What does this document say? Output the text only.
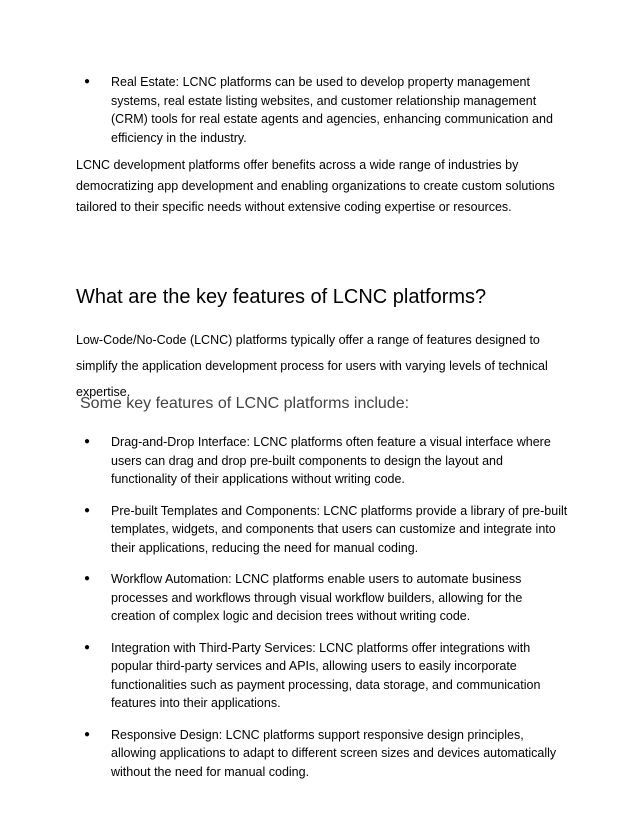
● Real Estate: LCNC platforms can be used to develop property management systems, real estate listing websites, and customer relationship management (CRM) tools for real estate agents and agencies, enhancing communication and efficiency in the industry.

LCNC development platforms offer benefits across a wide range of industries by democratizing app development and enabling organizations to create custom solutions tailored to their specific needs without extensive coding expertise or resources.

What are the key features of LCNC platforms?

Low-Code/No-Code (LCNC) platforms typically offer a range of features designed to simplify the application development process for users with varying levels of technical expertise.

Some key features of LCNC platforms include:
● Drag-and-Drop Interface: LCNC platforms often feature a visual interface where users can drag and drop pre-built components to design the layout and functionality of their applications without writing code.
● Pre-built Templates and Components: LCNC platforms provide a library of pre-built templates, widgets, and components that users can customize and integrate into their applications, reducing the need for manual coding.
● Workflow Automation: LCNC platforms enable users to automate business processes and workflows through visual workflow builders, allowing for the creation of complex logic and decision trees without writing code.
● Integration with Third-Party Services: LCNC platforms offer integrations with popular third-party services and APIs, allowing users to easily incorporate functionalities such as payment processing, data storage, and communication features into their applications.
● Responsive Design: LCNC platforms support responsive design principles, allowing applications to adapt to different screen sizes and devices automatically without the need for manual coding.
